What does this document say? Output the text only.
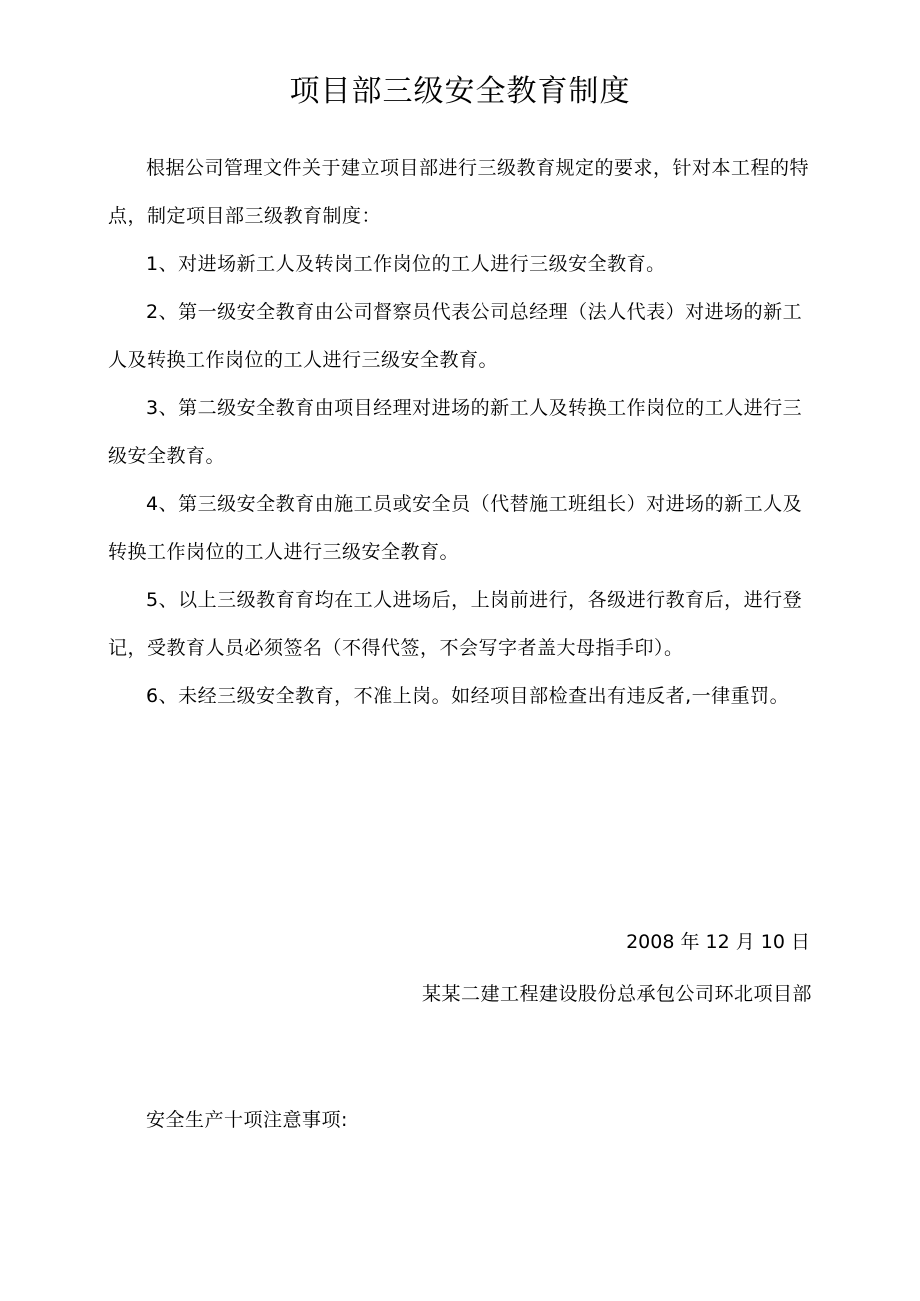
项目部三级安全教育制度

根据公司管理文件关于建立项目部进行三级教育规定的要求，针对本工程的特点，制定项目部三级教育制度：

1、对进场新工人及转岗工作岗位的工人进行三级安全教育。

2、第一级安全教育由公司督察员代表公司总经理（法人代表）对进场的新工人及转换工作岗位的工人进行三级安全教育。

3、第二级安全教育由项目经理对进场的新工人及转换工作岗位的工人进行三级安全教育。

4、第三级安全教育由施工员或安全员（代替施工班组长）对进场的新工人及转换工作岗位的工人进行三级安全教育。

5、以上三级教育育均在工人进场后，上岗前进行，各级进行教育后，进行登记，受教育人员必须签名（不得代签，不会写字者盖大母指手印）。

6、未经三级安全教育，不准上岗。如经项目部检查出有违反者,一律重罚。

2008 年 12 月 10 日
某某二建工程建设股份总承包公司环北项目部
安全生产十项注意事项:
